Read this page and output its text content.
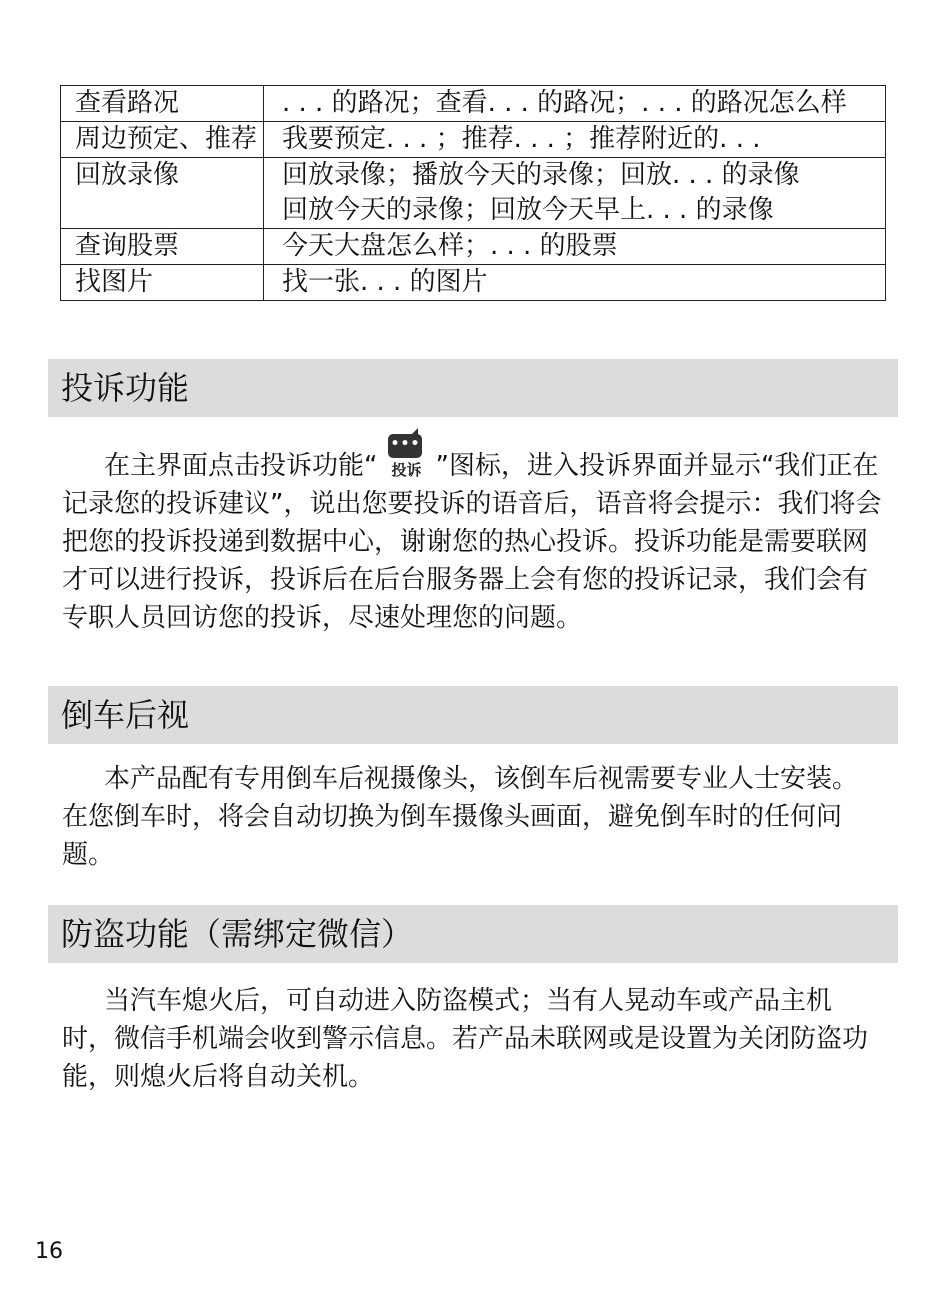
查看路况	. . . 的路况；查看. . . 的路况；. . . 的路况怎么样

周边预定、推荐	我要预定. . . ；推荐. . . ；推荐附近的. . .

回放录像	回放录像；播放今天的录像；回放. . . 的录像
回放今天的录像；回放今天早上. . . 的录像

查询股票	今天大盘怎么样；. . . 的股票

找图片	找一张. . . 的图片
投诉功能

在主界面点击投诉功能“
•••
投诉 ”图标，进入投诉界面并显示“我们正在记录您的投诉建议”，说出您要投诉的语音后，语音将会提示：我们将会把您的投诉投递到数据中心，谢谢您的热心投诉。投诉功能是需要联网才可以进行投诉，投诉后在后台服务器上会有您的投诉记录，我们会有专职人员回访您的投诉，尽速处理您的问题。

倒车后视

本产品配有专用倒车后视摄像头，该倒车后视需要专业人士安装。在您倒车时，将会自动切换为倒车摄像头画面，避免倒车时的任何问题。

防盗功能（需绑定微信）

当汽车熄火后，可自动进入防盗模式；当有人晃动车或产品主机时，微信手机端会收到警示信息。若产品未联网或是设置为关闭防盗功能，则熄火后将自动关机。

16
